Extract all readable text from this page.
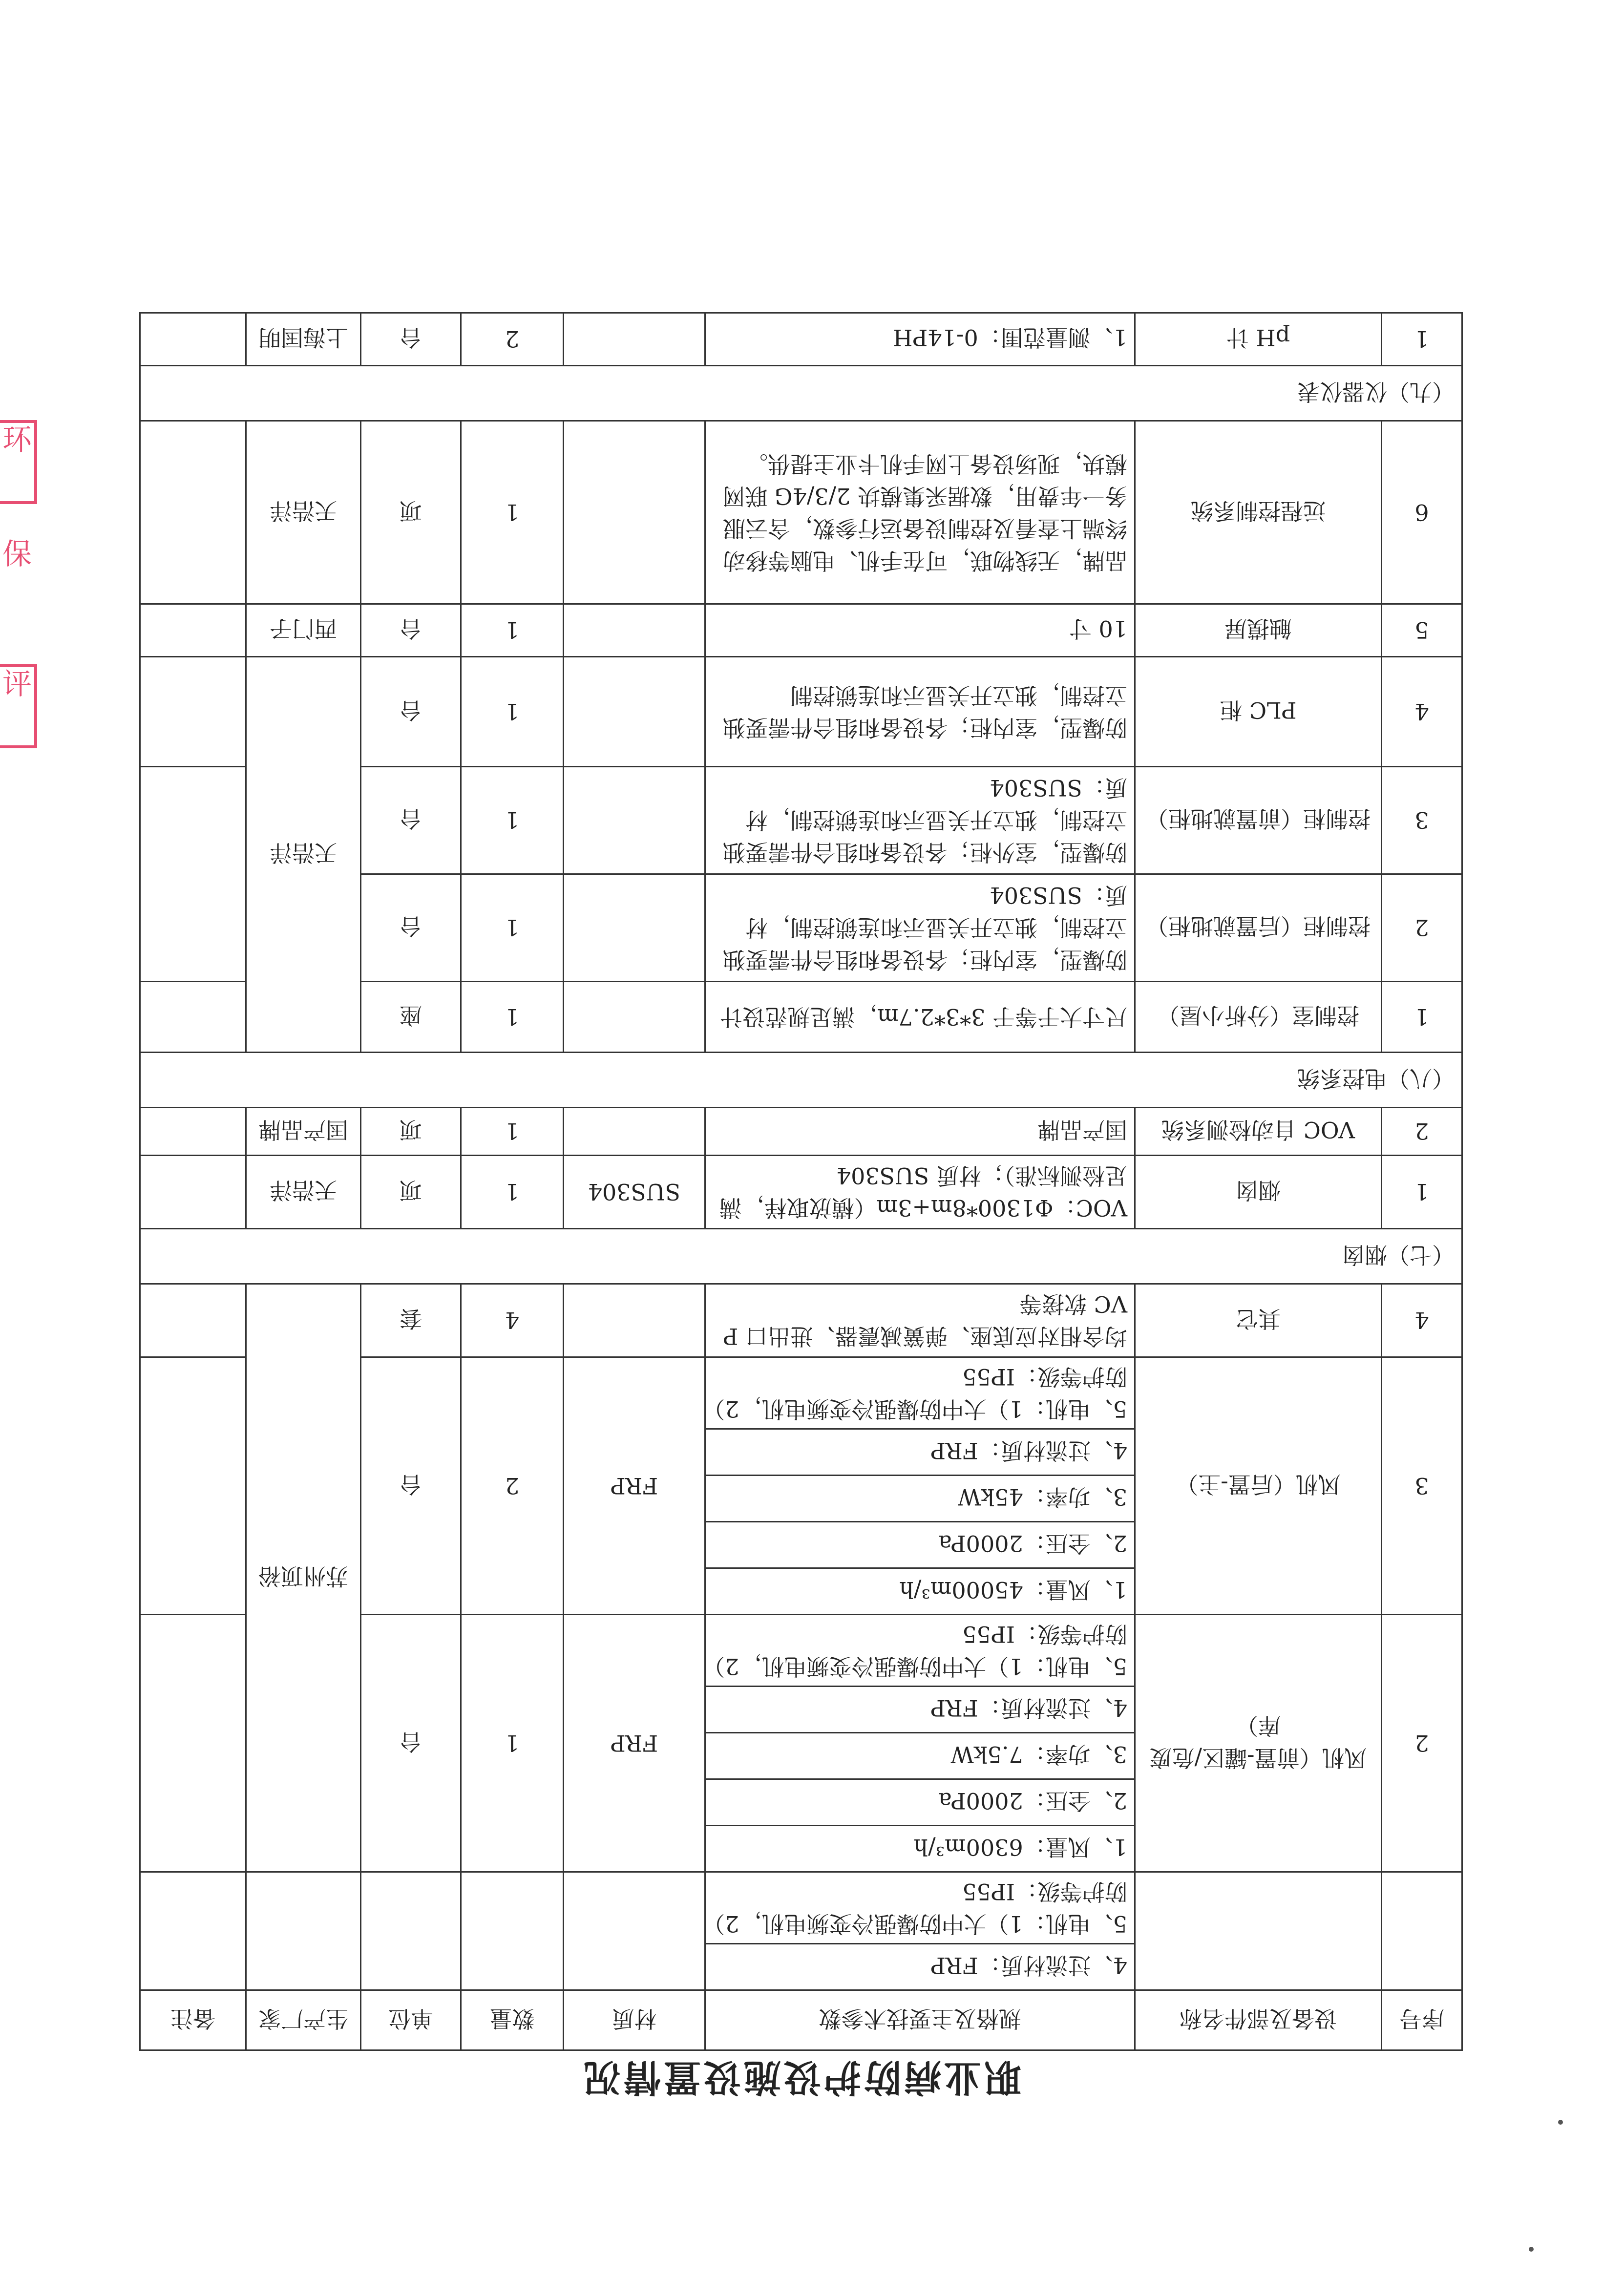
环
保
评
职业病防护设施设置情况							
序号	设备及部件名称	规格及主要技术参数	材质	数量	单位	生产厂家	备注
		4、过流材质：FRP					
		5、电机：1）大中防爆强冷变频电机，2）防护等级：IP55					
2	风机（前置-罐区/危废库）	1、风量：6300m³/h	FRP	1	台	苏州顶裕	
		2、全压：2000Pa					
		3、功率：7.5kW					
		4、过流材质：FRP					
		5、电机：1）大中防爆强冷变频电机，2）防护等级：IP55					
3	风机（后置-主）	1、风量：45000m³/h	FRP	2	台		
		2、全压：2000Pa					
		3、功率：45kW					
		4、过流材质：FRP					
		5、电机：1）大中防爆强冷变频电机，2）防护等级：IP55					
4	其它	均含相对应底座、弹簧减震器、进出口 PVC 软接等		4	套		
（七）烟囱							
1	烟囱	VOC：Φ1300*8m+3m（横放取样，满足检测标准）；材质 SUS304	SUS304	1	项	天浩洋	
2	VOC 自动检测系统	国产品牌		1	项	国产品牌	
（八）电控系统							
1	控制室（分析小屋）	尺寸大于等于 3*3*2.7m，满足规范设计		1	座	天浩洋	
2	控制柜（后置就地柜）	防爆型，室内柜；各设备和组合件需要独立控制，独立开关显示和连锁控制，材质：SUS304		1	台		
3	控制柜（前置就地柜）	防爆型，室外柜；各设备和组合件需要独立控制，独立开关显示和连锁控制，材质：SUS304		1	台		
4	PLC 柜	防爆型，室内柜；各设备和组合件需要独立控制，独立开关显示和连锁控制		1	台		
5	触摸屏	10 寸		1	台	西门子	
6	远程控制系统	品牌，无线物联，可在手机、电脑等移动终端上查看及控制设备运行参数，含云服务一年费用，数据采集模块 2/3/4G 联网模块，现场设备上网手机卡业主提供。		1	项	天浩洋	
（九）仪器仪表							
1	pH 计	1、测量范围：0-14PH		2	台	上海国明	
